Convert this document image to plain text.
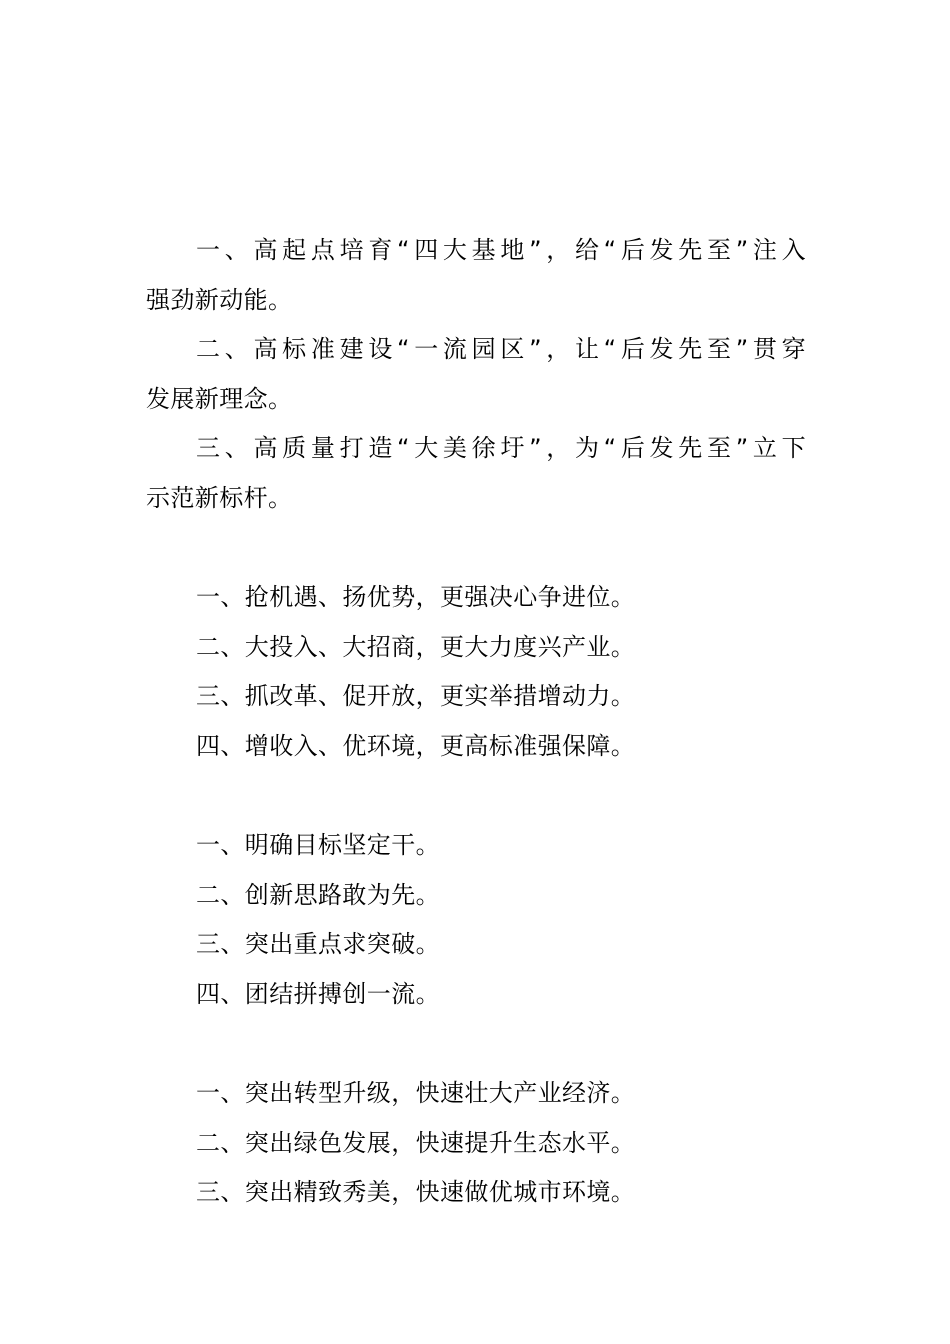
一、高起点培育“四大基地”，给“后发先至”注入
强劲新动能。
二、高标准建设“一流园区”，让“后发先至”贯穿
发展新理念。
三、高质量打造“大美徐圩”，为“后发先至”立下
示范新标杆。
一、抢机遇、扬优势，更强决心争进位。
二、大投入、大招商，更大力度兴产业。
三、抓改革、促开放，更实举措增动力。
四、增收入、优环境，更高标准强保障。
一、明确目标坚定干。
二、创新思路敢为先。
三、突出重点求突破。
四、团结拼搏创一流。
一、突出转型升级，快速壮大产业经济。
二、突出绿色发展，快速提升生态水平。
三、突出精致秀美，快速做优城市环境。
